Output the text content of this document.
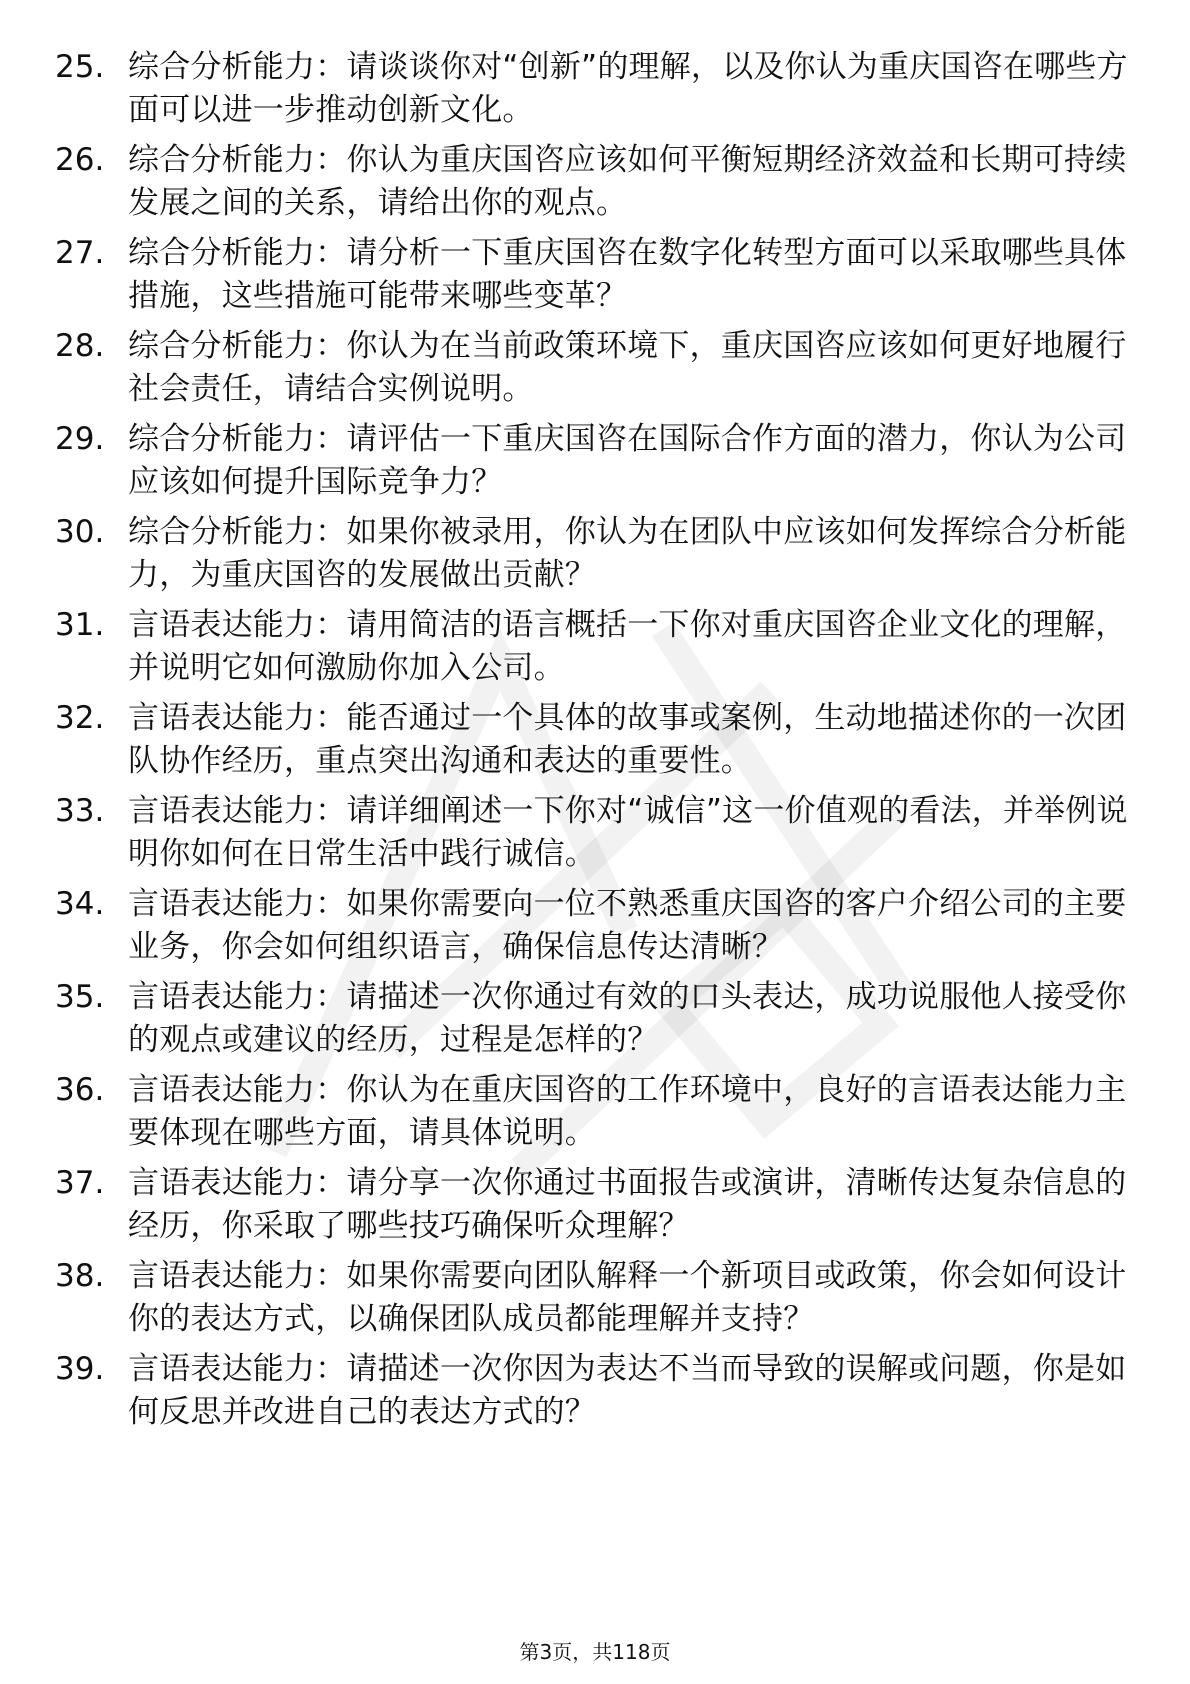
25. 综合分析能力：请谈谈你对“创新”的理解，以及你认为重庆国咨在哪些方面可以进一步推动创新文化。
26. 综合分析能力：你认为重庆国咨应该如何平衡短期经济效益和长期可持续发展之间的关系，请给出你的观点。
27. 综合分析能力：请分析一下重庆国咨在数字化转型方面可以采取哪些具体措施，这些措施可能带来哪些变革？
28. 综合分析能力：你认为在当前政策环境下，重庆国咨应该如何更好地履行社会责任，请结合实例说明。
29. 综合分析能力：请评估一下重庆国咨在国际合作方面的潜力，你认为公司应该如何提升国际竞争力？
30. 综合分析能力：如果你被录用，你认为在团队中应该如何发挥综合分析能力，为重庆国咨的发展做出贡献？
31. 言语表达能力：请用简洁的语言概括一下你对重庆国咨企业文化的理解，并说明它如何激励你加入公司。
32. 言语表达能力：能否通过一个具体的故事或案例，生动地描述你的一次团队协作经历，重点突出沟通和表达的重要性。
33. 言语表达能力：请详细阐述一下你对“诚信”这一价值观的看法，并举例说明你如何在日常生活中践行诚信。
34. 言语表达能力：如果你需要向一位不熟悉重庆国咨的客户介绍公司的主要业务，你会如何组织语言，确保信息传达清晰？
35. 言语表达能力：请描述一次你通过有效的口头表达，成功说服他人接受你的观点或建议的经历，过程是怎样的？
36. 言语表达能力：你认为在重庆国咨的工作环境中，良好的言语表达能力主要体现在哪些方面，请具体说明。
37. 言语表达能力：请分享一次你通过书面报告或演讲，清晰传达复杂信息的经历，你采取了哪些技巧确保听众理解？
38. 言语表达能力：如果你需要向团队解释一个新项目或政策，你会如何设计你的表达方式，以确保团队成员都能理解并支持？
39. 言语表达能力：请描述一次你因为表达不当而导致的误解或问题，你是如何反思并改进自己的表达方式的？
第3页，共118页
